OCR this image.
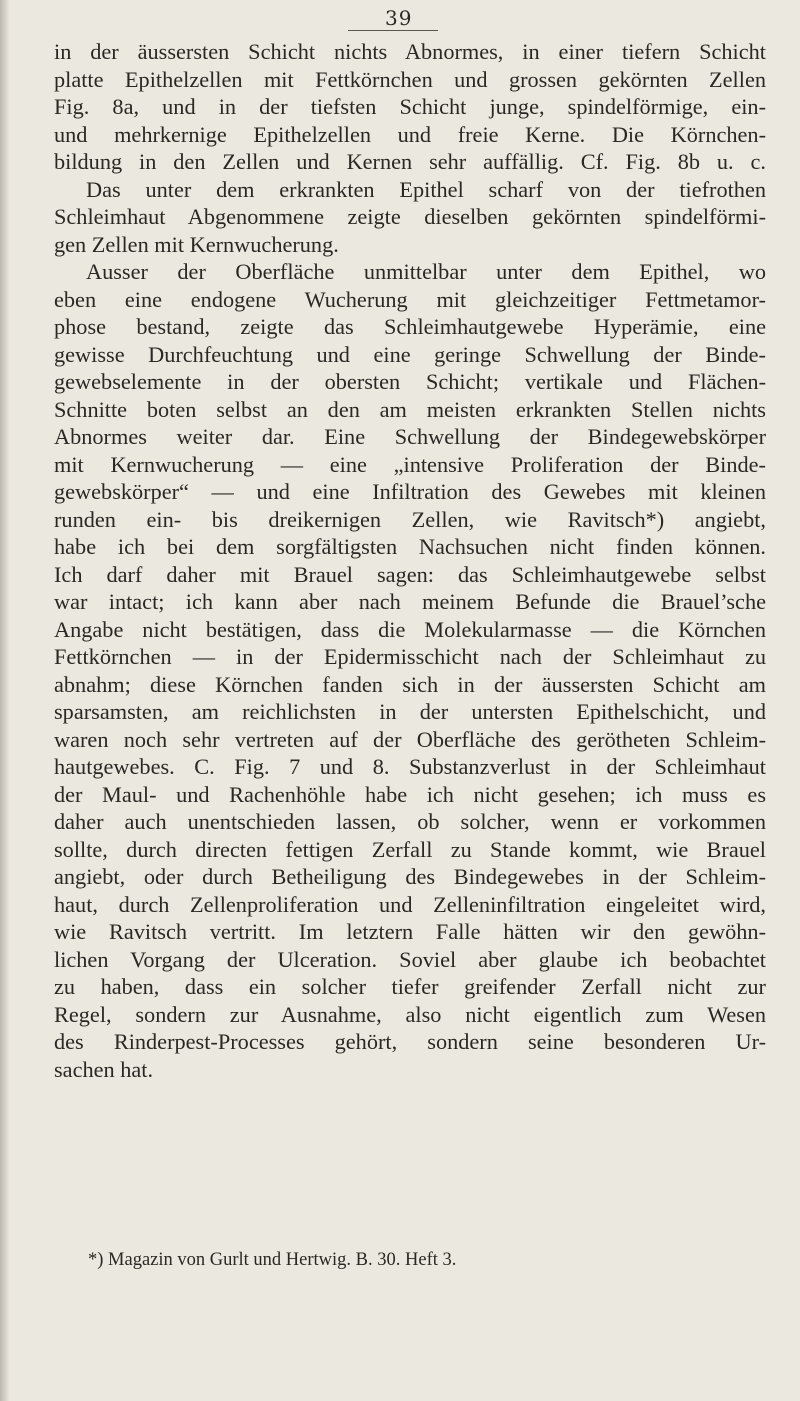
39
in der äussersten Schicht nichts Abnormes, in einer tiefern Schicht
platte Epithelzellen mit Fettkörnchen und grossen gekörnten Zellen
Fig. 8a, und in der tiefsten Schicht junge, spindelförmige, ein-
und mehrkernige Epithelzellen und freie Kerne. Die Körnchen-
bildung in den Zellen und Kernen sehr auffällig. Cf. Fig. 8b u. c.
Das unter dem erkrankten Epithel scharf von der tiefrothen
Schleimhaut Abgenommene zeigte dieselben gekörnten spindelförmi-
gen Zellen mit Kernwucherung.
Ausser der Oberfläche unmittelbar unter dem Epithel, wo
eben eine endogene Wucherung mit gleichzeitiger Fettmetamor-
phose bestand, zeigte das Schleimhautgewebe Hyperämie, eine
gewisse Durchfeuchtung und eine geringe Schwellung der Binde-
gewebselemente in der obersten Schicht; vertikale und Flächen-
Schnitte boten selbst an den am meisten erkrankten Stellen nichts
Abnormes weiter dar. Eine Schwellung der Bindegewebskörper
mit Kernwucherung — eine „intensive Proliferation der Binde-
gewebskörper“ — und eine Infiltration des Gewebes mit kleinen
runden ein- bis dreikernigen Zellen, wie Ravitsch*) angiebt,
habe ich bei dem sorgfältigsten Nachsuchen nicht finden können.
Ich darf daher mit Brauel sagen: das Schleimhautgewebe selbst
war intact; ich kann aber nach meinem Befunde die Brauel’sche
Angabe nicht bestätigen, dass die Molekularmasse — die Körnchen
Fettkörnchen — in der Epidermisschicht nach der Schleimhaut zu
abnahm; diese Körnchen fanden sich in der äussersten Schicht am
sparsamsten, am reichlichsten in der untersten Epithelschicht, und
waren noch sehr vertreten auf der Oberfläche des gerötheten Schleim-
hautgewebes. C. Fig. 7 und 8. Substanzverlust in der Schleimhaut
der Maul- und Rachenhöhle habe ich nicht gesehen; ich muss es
daher auch unentschieden lassen, ob solcher, wenn er vorkommen
sollte, durch directen fettigen Zerfall zu Stande kommt, wie Brauel
angiebt, oder durch Betheiligung des Bindegewebes in der Schleim-
haut, durch Zellenproliferation und Zelleninfiltration eingeleitet wird,
wie Ravitsch vertritt. Im letztern Falle hätten wir den gewöhn-
lichen Vorgang der Ulceration. Soviel aber glaube ich beobachtet
zu haben, dass ein solcher tiefer greifender Zerfall nicht zur
Regel, sondern zur Ausnahme, also nicht eigentlich zum Wesen
des Rinderpest-Processes gehört, sondern seine besonderen Ur-
sachen hat.
*) Magazin von Gurlt und Hertwig. B. 30. Heft 3.
